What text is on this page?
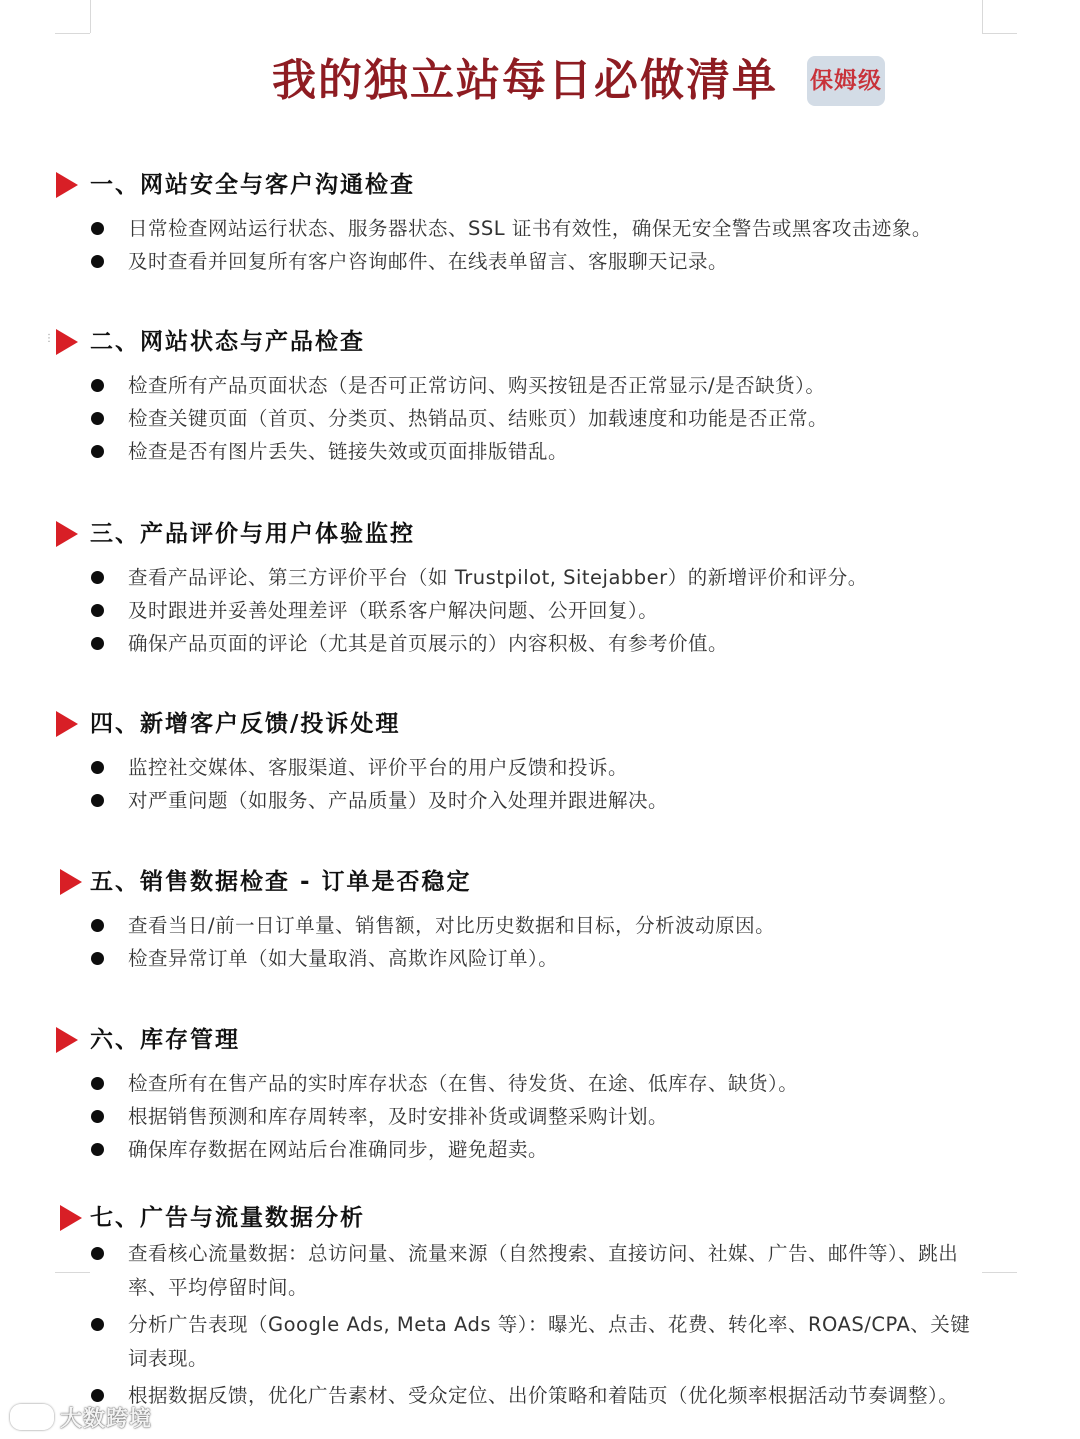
我的独立站每日必做清单 保姆级
⋮⋮
一、网站安全与客户沟通检查
日常检查网站运行状态、服务器状态、SSL 证书有效性，确保无安全警告或黑客攻击迹象。
及时查看并回复所有客户咨询邮件、在线表单留言、客服聊天记录。
二、网站状态与产品检查
检查所有产品页面状态（是否可正常访问、购买按钮是否正常显示/是否缺货）。
检查关键页面（首页、分类页、热销品页、结账页）加载速度和功能是否正常。
检查是否有图片丢失、链接失效或页面排版错乱。
三、产品评价与用户体验监控
查看产品评论、第三方评价平台（如 Trustpilot, Sitejabber）的新增评价和评分。
及时跟进并妥善处理差评（联系客户解决问题、公开回复）。
确保产品页面的评论（尤其是首页展示的）内容积极、有参考价值。
四、新增客户反馈/投诉处理
监控社交媒体、客服渠道、评价平台的用户反馈和投诉。
对严重问题（如服务、产品质量）及时介入处理并跟进解决。
五、销售数据检查 - 订单是否稳定
查看当日/前一日订单量、销售额，对比历史数据和目标，分析波动原因。
检查异常订单（如大量取消、高欺诈风险订单）。
六、库存管理
检查所有在售产品的实时库存状态（在售、待发货、在途、低库存、缺货）。
根据销售预测和库存周转率，及时安排补货或调整采购计划。
确保库存数据在网站后台准确同步，避免超卖。
七、广告与流量数据分析
查看核心流量数据：总访问量、流量来源（自然搜索、直接访问、社媒、广告、邮件等）、跳出率、平均停留时间。
分析广告表现（Google Ads, Meta Ads 等）：曝光、点击、花费、转化率、ROAS/CPA、关键词表现。
根据数据反馈，优化广告素材、受众定位、出价策略和着陆页（优化频率根据活动节奏调整）。
大数跨境
